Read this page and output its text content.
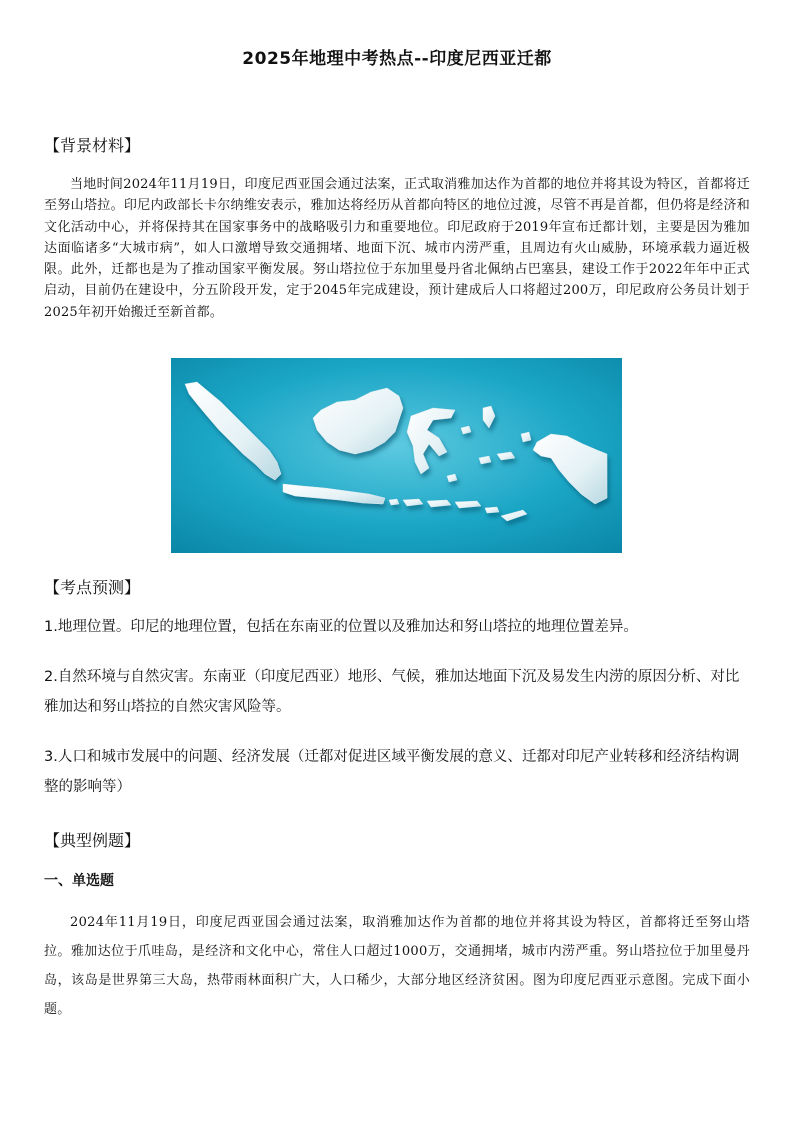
2025年地理中考热点--印度尼西亚迁都
【背景材料】
当地时间2024年11月19日，印度尼西亚国会通过法案，正式取消雅加达作为首都的地位并将其设为特区，首都将迁至努山塔拉。印尼内政部长卡尔纳维安表示，雅加达将经历从首都向特区的地位过渡，尽管不再是首都，但仍将是经济和文化活动中心，并将保持其在国家事务中的战略吸引力和重要地位。印尼政府于2019年宣布迁都计划，主要是因为雅加达面临诸多“大城市病”，如人口激增导致交通拥堵、地面下沉、城市内涝严重，且周边有火山威胁，环境承载力逼近极限。此外，迁都也是为了推动国家平衡发展。努山塔拉位于东加里曼丹省北佩纳占巴塞县，建设工作于2022年年中正式启动，目前仍在建设中，分五阶段开发，定于2045年完成建设，预计建成后人口将超过200万，印尼政府公务员计划于2025年初开始搬迁至新首都。
【考点预测】
1.地理位置。印尼的地理位置，包括在东南亚的位置以及雅加达和努山塔拉的地理位置差异。
2.自然环境与自然灾害。东南亚（印度尼西亚）地形、气候，雅加达地面下沉及易发生内涝的原因分析、对比雅加达和努山塔拉的自然灾害风险等。
3.人口和城市发展中的问题、经济发展（迁都对促进区域平衡发展的意义、迁都对印尼产业转移和经济结构调整的影响等）
【典型例题】
一、单选题
2024年11月19日，印度尼西亚国会通过法案，取消雅加达作为首都的地位并将其设为特区，首都将迁至努山塔拉。雅加达位于爪哇岛，是经济和文化中心，常住人口超过1000万，交通拥堵，城市内涝严重。努山塔拉位于加里曼丹岛，该岛是世界第三大岛，热带雨林面积广大，人口稀少，大部分地区经济贫困。图为印度尼西亚示意图。完成下面小题。
